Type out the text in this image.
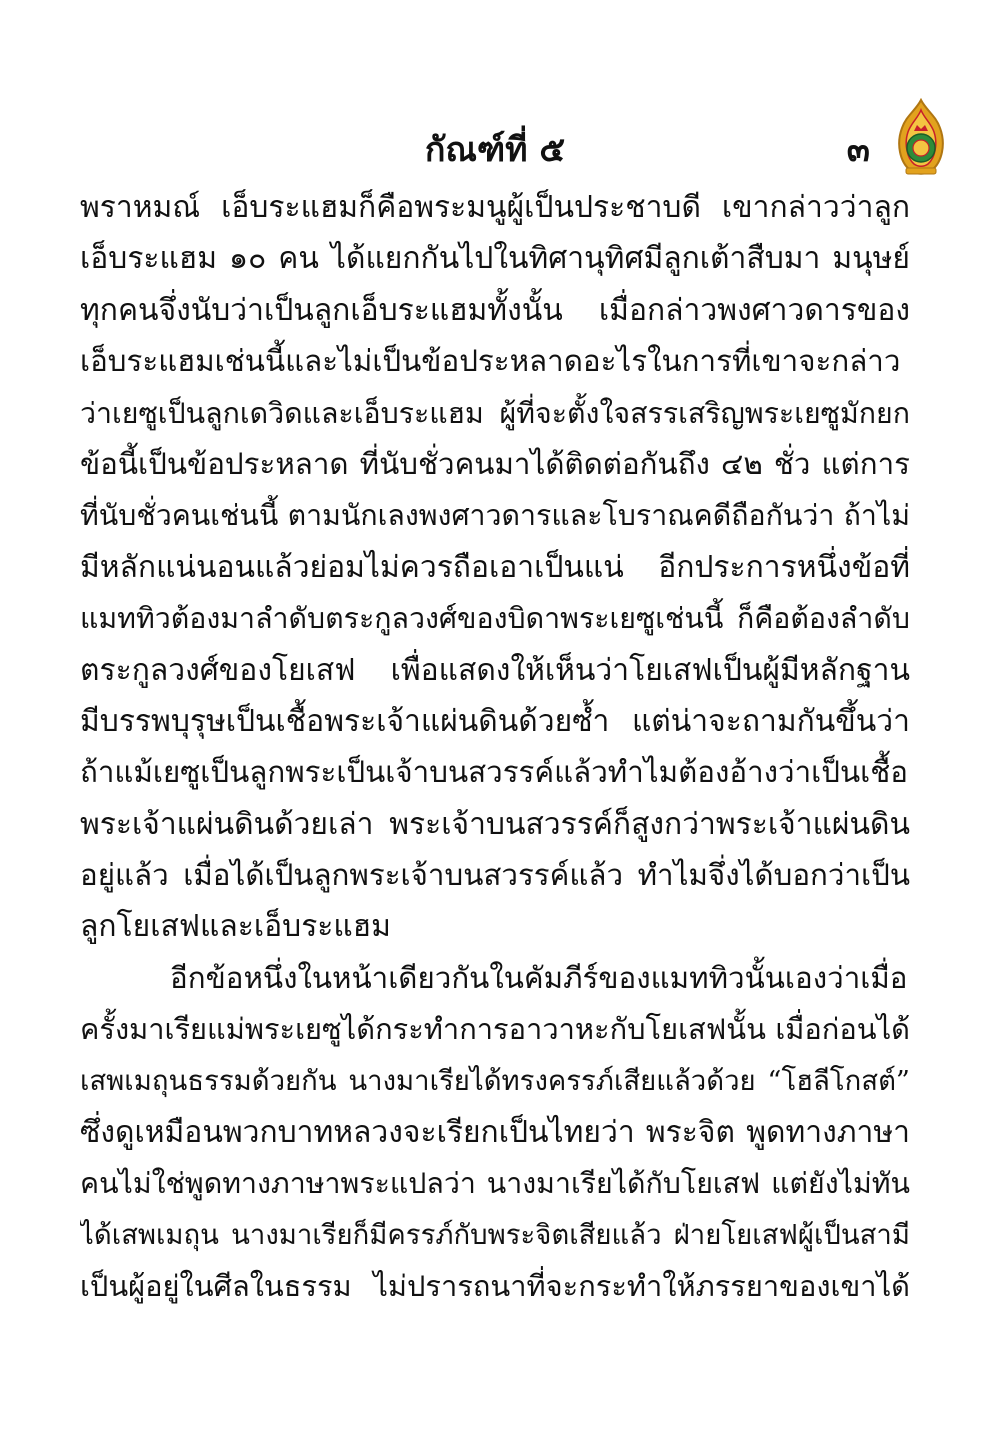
กัณฑ์ที่ ๕	๓
พราหมณ์ เอ็บระแฮมก็คือพระมนูผู้เป็นประชาบดี เขากล่าวว่าลูก
เอ็บระแฮม ๑๐ คน ได้แยกกันไปในทิศานุทิศมีลูกเต้าสืบมา มนุษย์
ทุกคนจึ่งนับว่าเป็นลูกเอ็บระแฮมทั้งนั้น เมื่อกล่าวพงศาวดารของ
เอ็บระแฮมเช่นนี้และไม่เป็นข้อประหลาดอะไรในการที่เขาจะกล่าว
ว่าเยซูเป็นลูกเดวิดและเอ็บระแฮม ผู้ที่จะตั้งใจสรรเสริญพระเยซูมักยก
ข้อนี้เป็นข้อประหลาด ที่นับชั่วคนมาได้ติดต่อกันถึง ๔๒ ชั่ว แต่การ
ที่นับชั่วคนเช่นนี้ ตามนักเลงพงศาวดารและโบราณคดีถือกันว่า ถ้าไม่
มีหลักแน่นอนแล้วย่อมไม่ควรถือเอาเป็นแน่ อีกประการหนึ่งข้อที่
แมททิวต้องมาลำดับตระกูลวงศ์ของบิดาพระเยซูเช่นนี้ ก็คือต้องลำดับ
ตระกูลวงศ์ของโยเสฟ เพื่อแสดงให้เห็นว่าโยเสฟเป็นผู้มีหลักฐาน
มีบรรพบุรุษเป็นเชื้อพระเจ้าแผ่นดินด้วยซ้ำ แต่น่าจะถามกันขึ้นว่า
ถ้าแม้เยซูเป็นลูกพระเป็นเจ้าบนสวรรค์แล้วทำไมต้องอ้างว่าเป็นเชื้อ
พระเจ้าแผ่นดินด้วยเล่า พระเจ้าบนสวรรค์ก็สูงกว่าพระเจ้าแผ่นดิน
อยู่แล้ว เมื่อได้เป็นลูกพระเจ้าบนสวรรค์แล้ว ทำไมจึ่งได้บอกว่าเป็น
ลูกโยเสฟและเอ็บระแฮม
อีกข้อหนึ่งในหน้าเดียวกันในคัมภีร์ของแมททิวนั้นเองว่าเมื่อ
ครั้งมาเรียแม่พระเยซูได้กระทำการอาวาหะกับโยเสฟนั้น เมื่อก่อนได้
เสพเมถุนธรรมด้วยกัน นางมาเรียได้ทรงครรภ์เสียแล้วด้วย “โฮลีโกสต์”
ซึ่งดูเหมือนพวกบาทหลวงจะเรียกเป็นไทยว่า พระจิต พูดทางภาษา
คนไม่ใช่พูดทางภาษาพระแปลว่า นางมาเรียได้กับโยเสฟ แต่ยังไม่ทัน
ได้เสพเมถุน นางมาเรียก็มีครรภ์กับพระจิตเสียแล้ว ฝ่ายโยเสฟผู้เป็นสามี
เป็นผู้อยู่ในศีลในธรรม ไม่ปรารถนาที่จะกระทำให้ภรรยาของเขาได้
